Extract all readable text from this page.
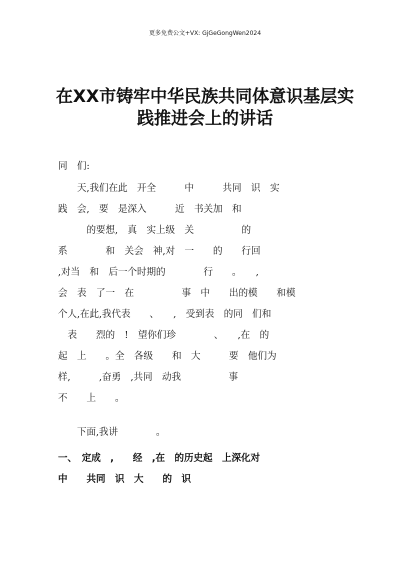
更多免费公文+VX: GjGeGongWen2024
在XX市铸牢中华民族共同体意识基层实
践推进会上的讲话
同　们:
　　天,我们在此　开全　　　中　　　共同　识　实
践　会,　要　是深入　　　近　书关加　和
　　　的要想,　真　实上级　关　　　　　的
系　　　　和　关会　神,对　一　　的　　行回
,对当　和　后一个时期的　　　　行　　。　　,
会　表　了一　在　　　　　事　中　　出的模　　和模
个人,在此,我代表　　、　　,　受到表　的同　们和
　表　　烈的　!　望你们珍　　　　、　　,在　的
起　上　　。全　各级　　和　大　　　要　他们为
样,　　　,奋勇　,共同　动我　　　　　事
不　　上　　。
　　下面,我讲　　　　。
一、　定成　,　　经　,在　的历史起　上深化对
中　　共同　识　大　　的　识
